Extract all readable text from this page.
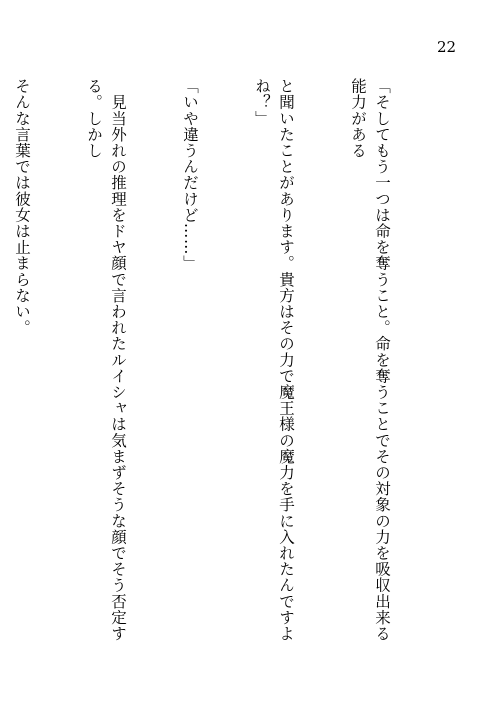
22

「そしてもう一つは命を奪うこと。命を奪うことでその対象の力を吸収出来る能力がある

と聞いたことがあります。貴方はその力で魔王様の魔力を手に入れたんですよね？」

「いや違うんだけど……」

　見当外れの推理をドヤ顔で言われたルイシャは気まずそうな顔でそう否定する。しかし

そんな言葉では彼女は止まらない。
